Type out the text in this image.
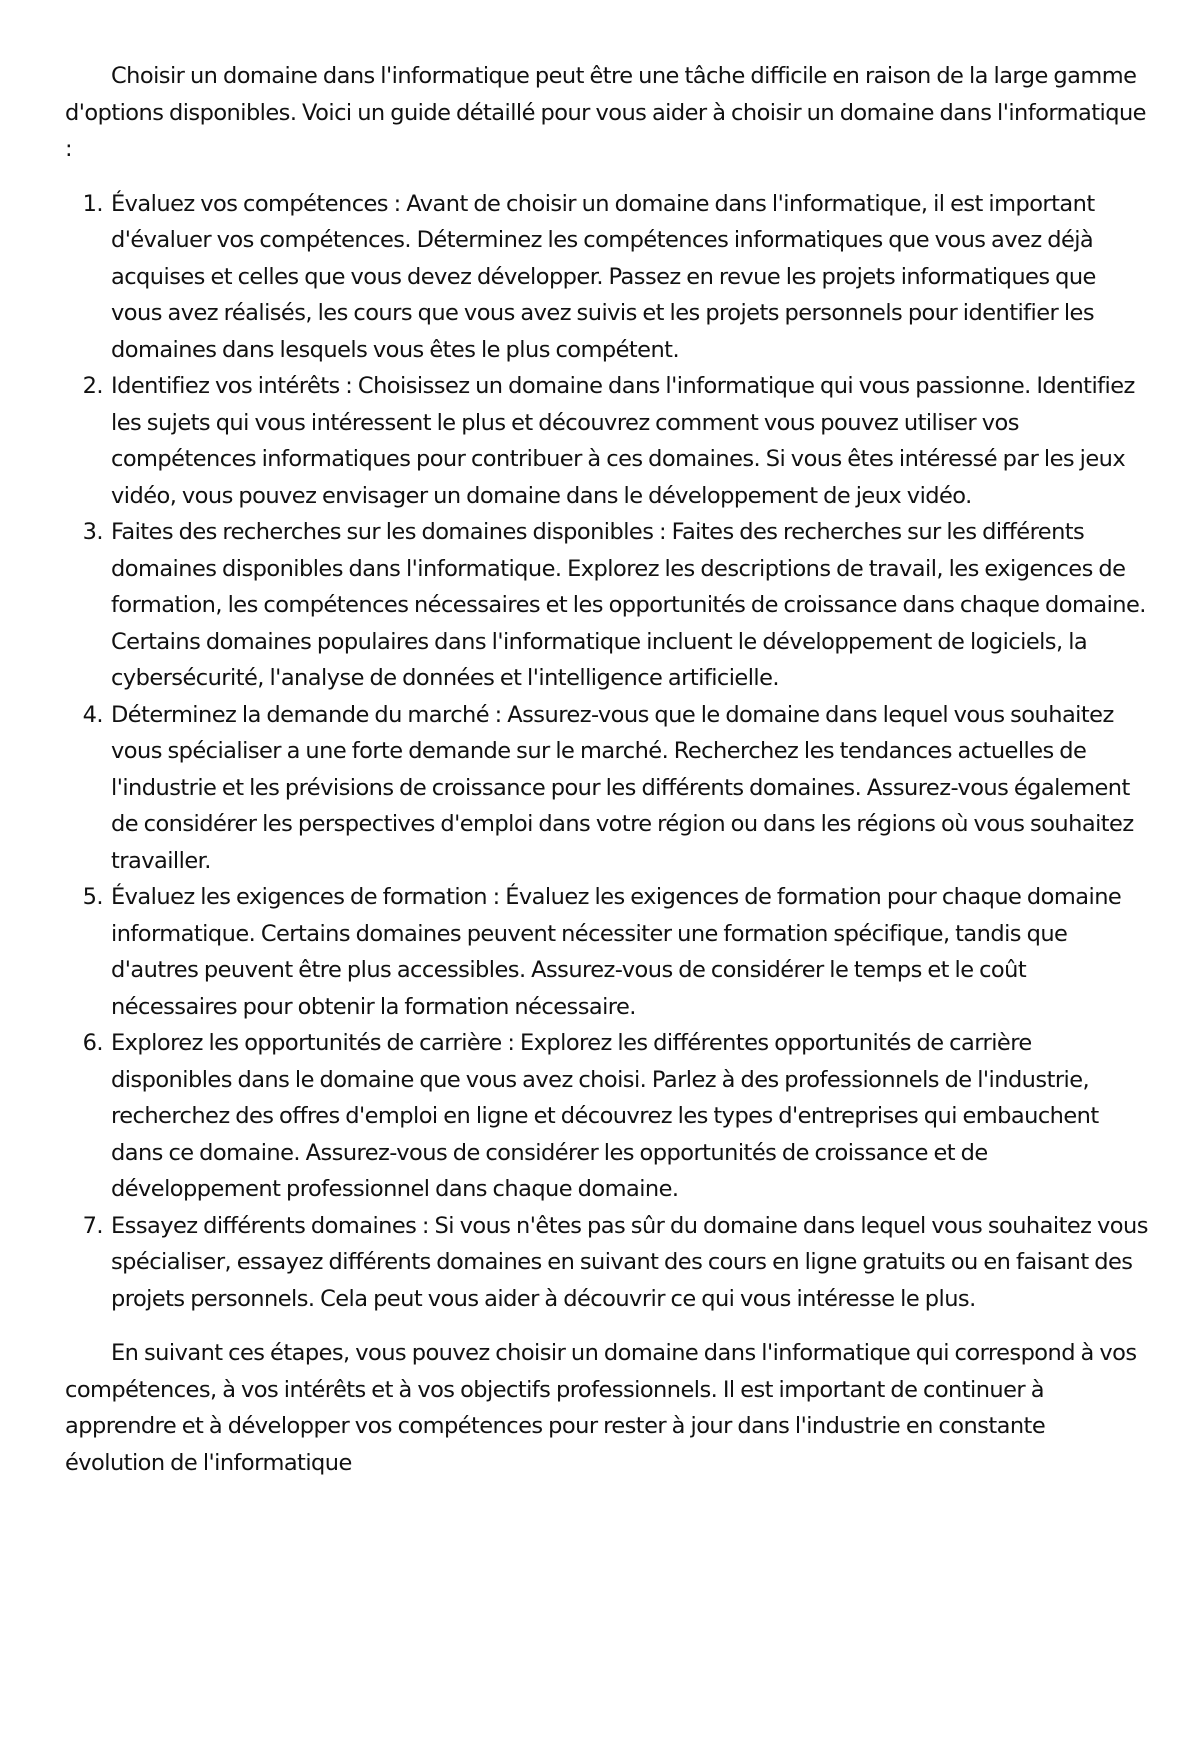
Choisir un domaine dans l'informatique peut être une tâche difficile en raison de la large gamme d'options disponibles. Voici un guide détaillé pour vous aider à choisir un domaine dans l'informatique :

1. Évaluez vos compétences : Avant de choisir un domaine dans l'informatique, il est important d'évaluer vos compétences. Déterminez les compétences informatiques que vous avez déjà acquises et celles que vous devez développer. Passez en revue les projets informatiques que vous avez réalisés, les cours que vous avez suivis et les projets personnels pour identifier les domaines dans lesquels vous êtes le plus compétent.
2. Identifiez vos intérêts : Choisissez un domaine dans l'informatique qui vous passionne. Identifiez les sujets qui vous intéressent le plus et découvrez comment vous pouvez utiliser vos compétences informatiques pour contribuer à ces domaines. Si vous êtes intéressé par les jeux vidéo, vous pouvez envisager un domaine dans le développement de jeux vidéo.
3. Faites des recherches sur les domaines disponibles : Faites des recherches sur les différents domaines disponibles dans l'informatique. Explorez les descriptions de travail, les exigences de formation, les compétences nécessaires et les opportunités de croissance dans chaque domaine. Certains domaines populaires dans l'informatique incluent le développement de logiciels, la cybersécurité, l'analyse de données et l'intelligence artificielle.
4. Déterminez la demande du marché : Assurez-vous que le domaine dans lequel vous souhaitez vous spécialiser a une forte demande sur le marché. Recherchez les tendances actuelles de l'industrie et les prévisions de croissance pour les différents domaines. Assurez-vous également de considérer les perspectives d'emploi dans votre région ou dans les régions où vous souhaitez travailler.
5. Évaluez les exigences de formation : Évaluez les exigences de formation pour chaque domaine informatique. Certains domaines peuvent nécessiter une formation spécifique, tandis que d'autres peuvent être plus accessibles. Assurez-vous de considérer le temps et le coût nécessaires pour obtenir la formation nécessaire.
6. Explorez les opportunités de carrière : Explorez les différentes opportunités de carrière disponibles dans le domaine que vous avez choisi. Parlez à des professionnels de l'industrie, recherchez des offres d'emploi en ligne et découvrez les types d'entreprises qui embauchent dans ce domaine. Assurez-vous de considérer les opportunités de croissance et de développement professionnel dans chaque domaine.
7. Essayez différents domaines : Si vous n'êtes pas sûr du domaine dans lequel vous souhaitez vous spécialiser, essayez différents domaines en suivant des cours en ligne gratuits ou en faisant des projets personnels. Cela peut vous aider à découvrir ce qui vous intéresse le plus.

En suivant ces étapes, vous pouvez choisir un domaine dans l'informatique qui correspond à vos compétences, à vos intérêts et à vos objectifs professionnels. Il est important de continuer à apprendre et à développer vos compétences pour rester à jour dans l'industrie en constante évolution de l'informatique
